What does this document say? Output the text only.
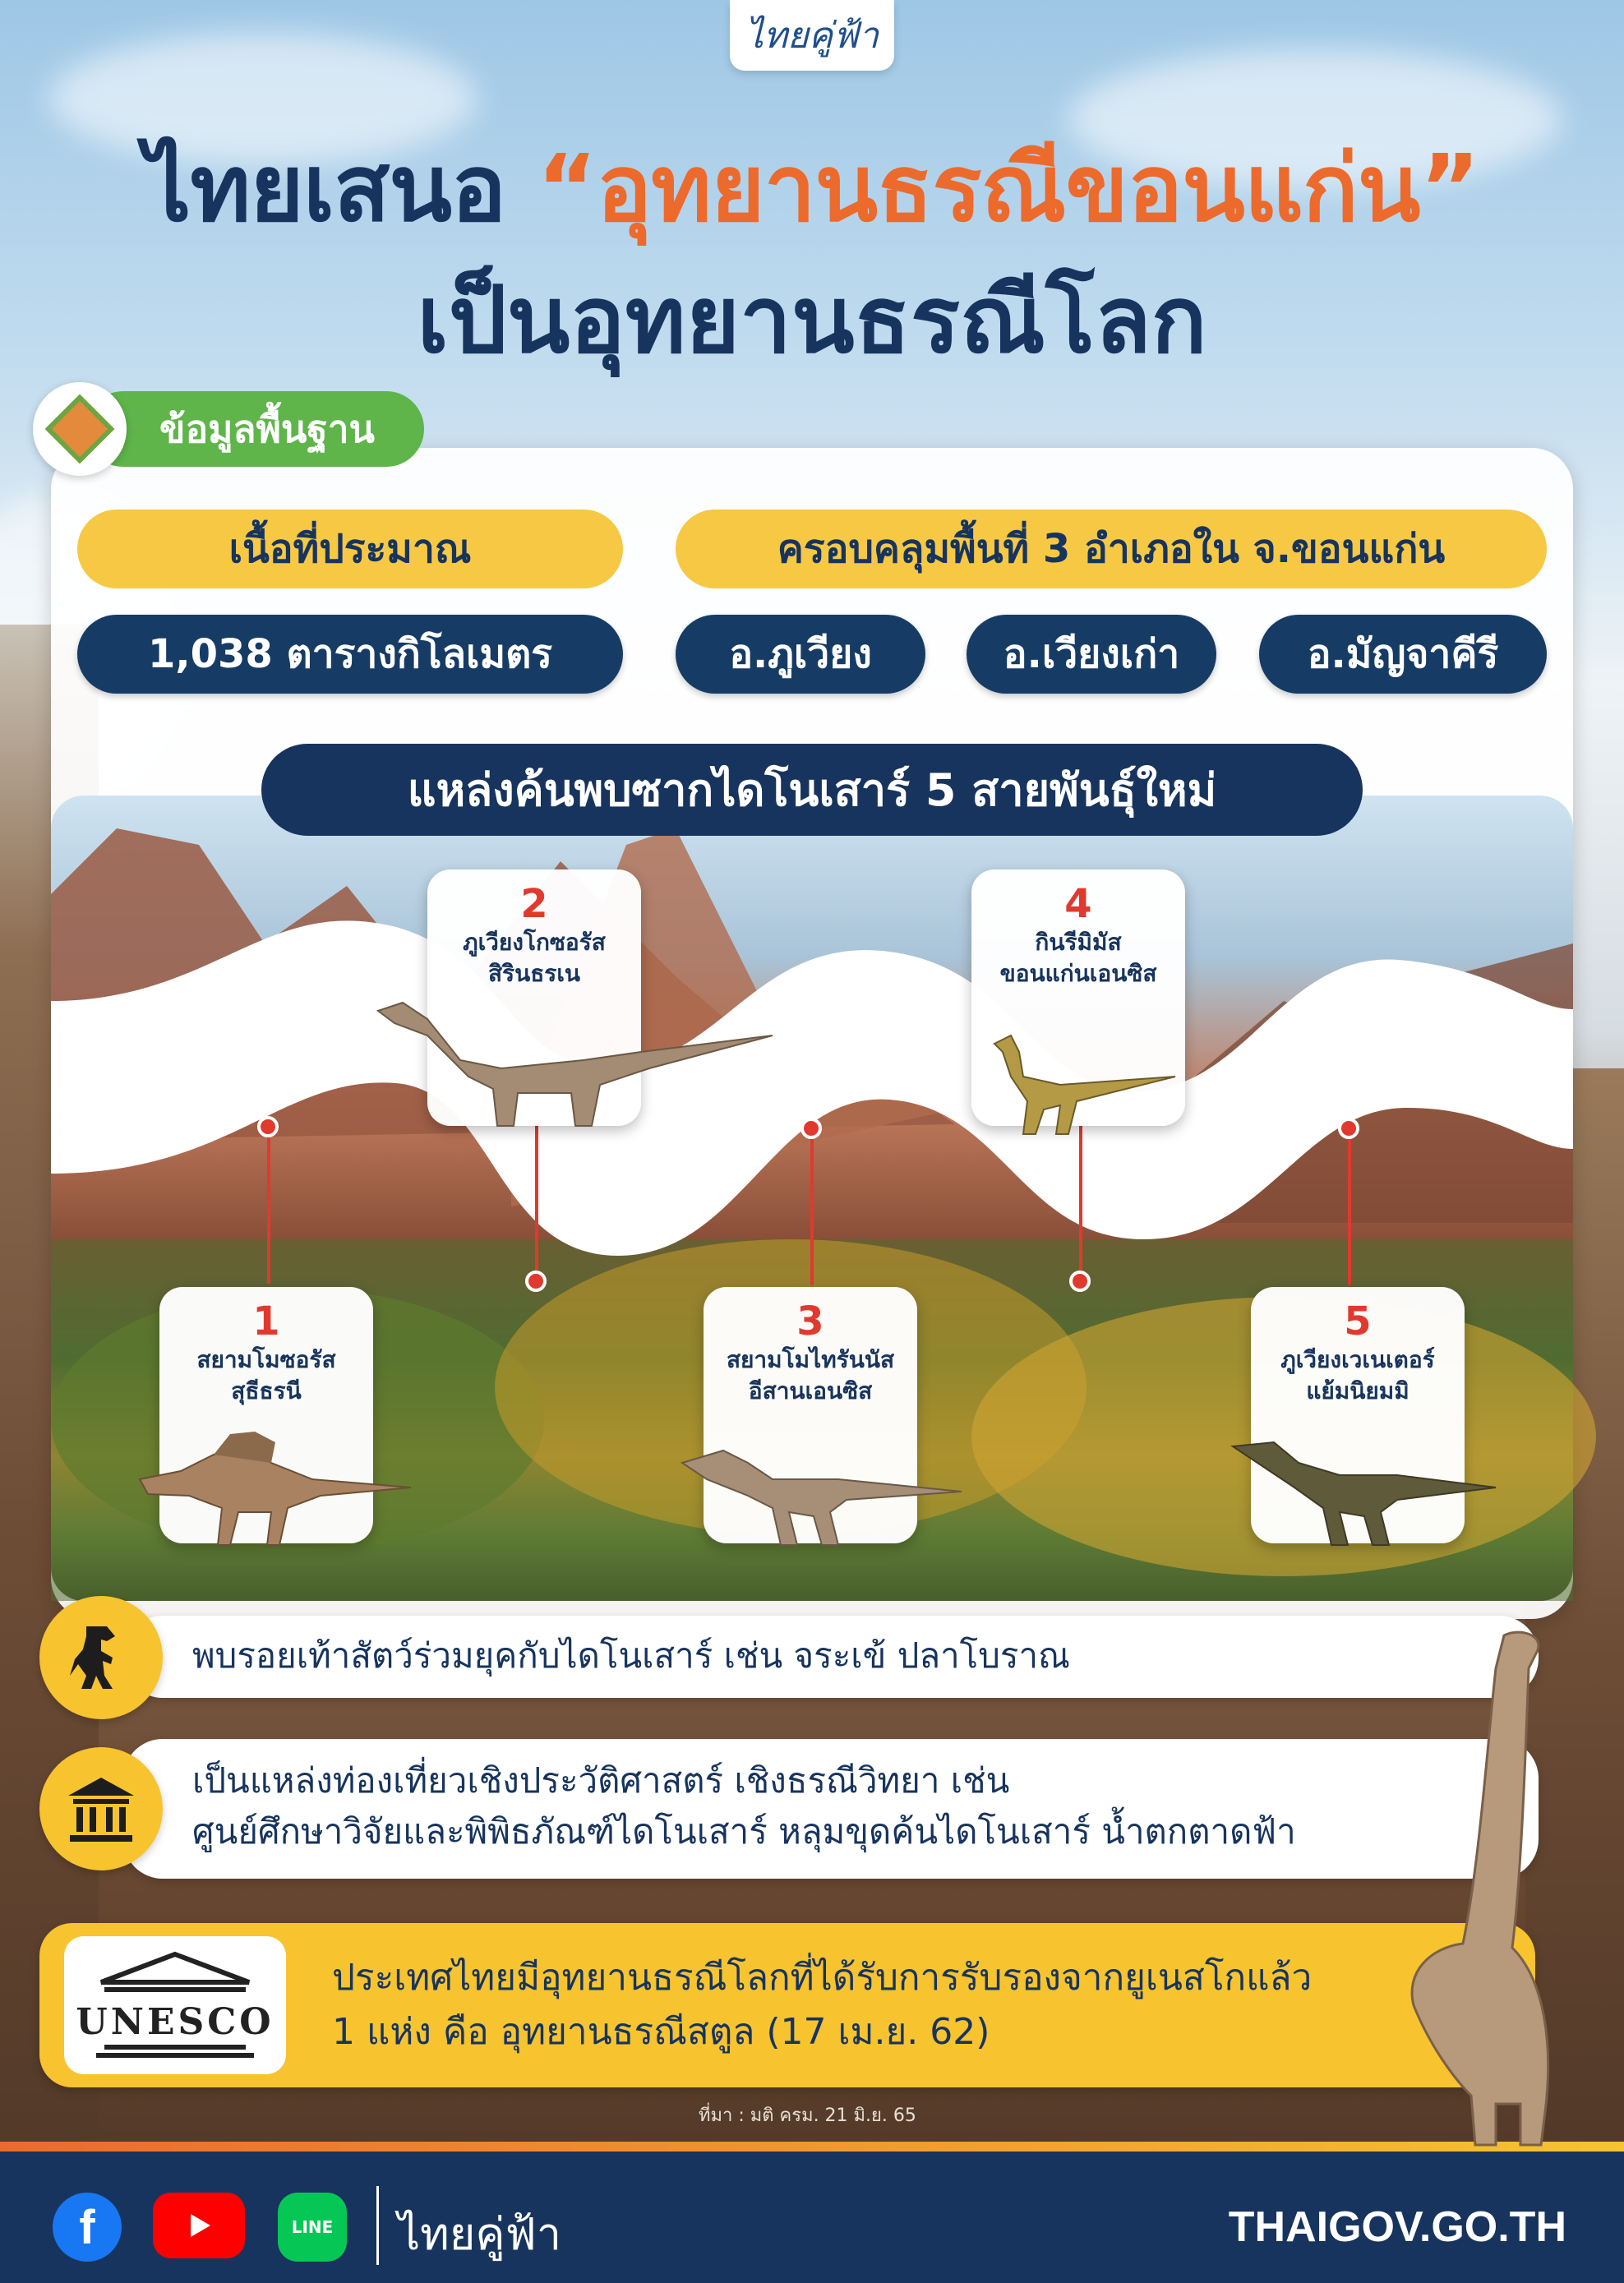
ไทยคู่ฟ้า
ไทยเสนอ “อุทยานธรณีขอนแก่น”
เป็นอุทยานธรณีโลก
ข้อมูลพื้นฐาน
เนื้อที่ประมาณ
1,038 ตารางกิโลเมตร
ครอบคลุมพื้นที่ 3 อำเภอใน จ.ขอนแก่น
อ.ภูเวียง	อ.เวียงเก่า	อ.มัญจาคีรี
แหล่งค้นพบซากไดโนเสาร์ 5 สายพันธุ์ใหม่
1
สยามโมซอรัส
สุธีธรนี
2
ภูเวียงโกซอรัส
สิรินธรเน
3
สยามโมไทรันนัส
อีสานเอนซิส
4
กินรีมิมัส
ขอนแก่นเอนซิส
5
ภูเวียงเวเนเตอร์
แย้มนิยมมิ
พบรอยเท้าสัตว์ร่วมยุคกับไดโนเสาร์ เช่น จระเข้ ปลาโบราณ
เป็นแหล่งท่องเที่ยวเชิงประวัติศาสตร์ เชิงธรณีวิทยา เช่น
ศูนย์ศึกษาวิจัยและพิพิธภัณฑ์ไดโนเสาร์ หลุมขุดค้นไดโนเสาร์ น้ำตกตาดฟ้า
UNESCO
ประเทศไทยมีอุทยานธรณีโลกที่ได้รับการรับรองจากยูเนสโกแล้ว
1 แห่ง คือ อุทยานธรณีสตูล (17 เม.ย. 62)
ที่มา : มติ ครม. 21 มิ.ย. 65
f	LINE ไทยคู่ฟ้า	THAIGOV.GO.TH
